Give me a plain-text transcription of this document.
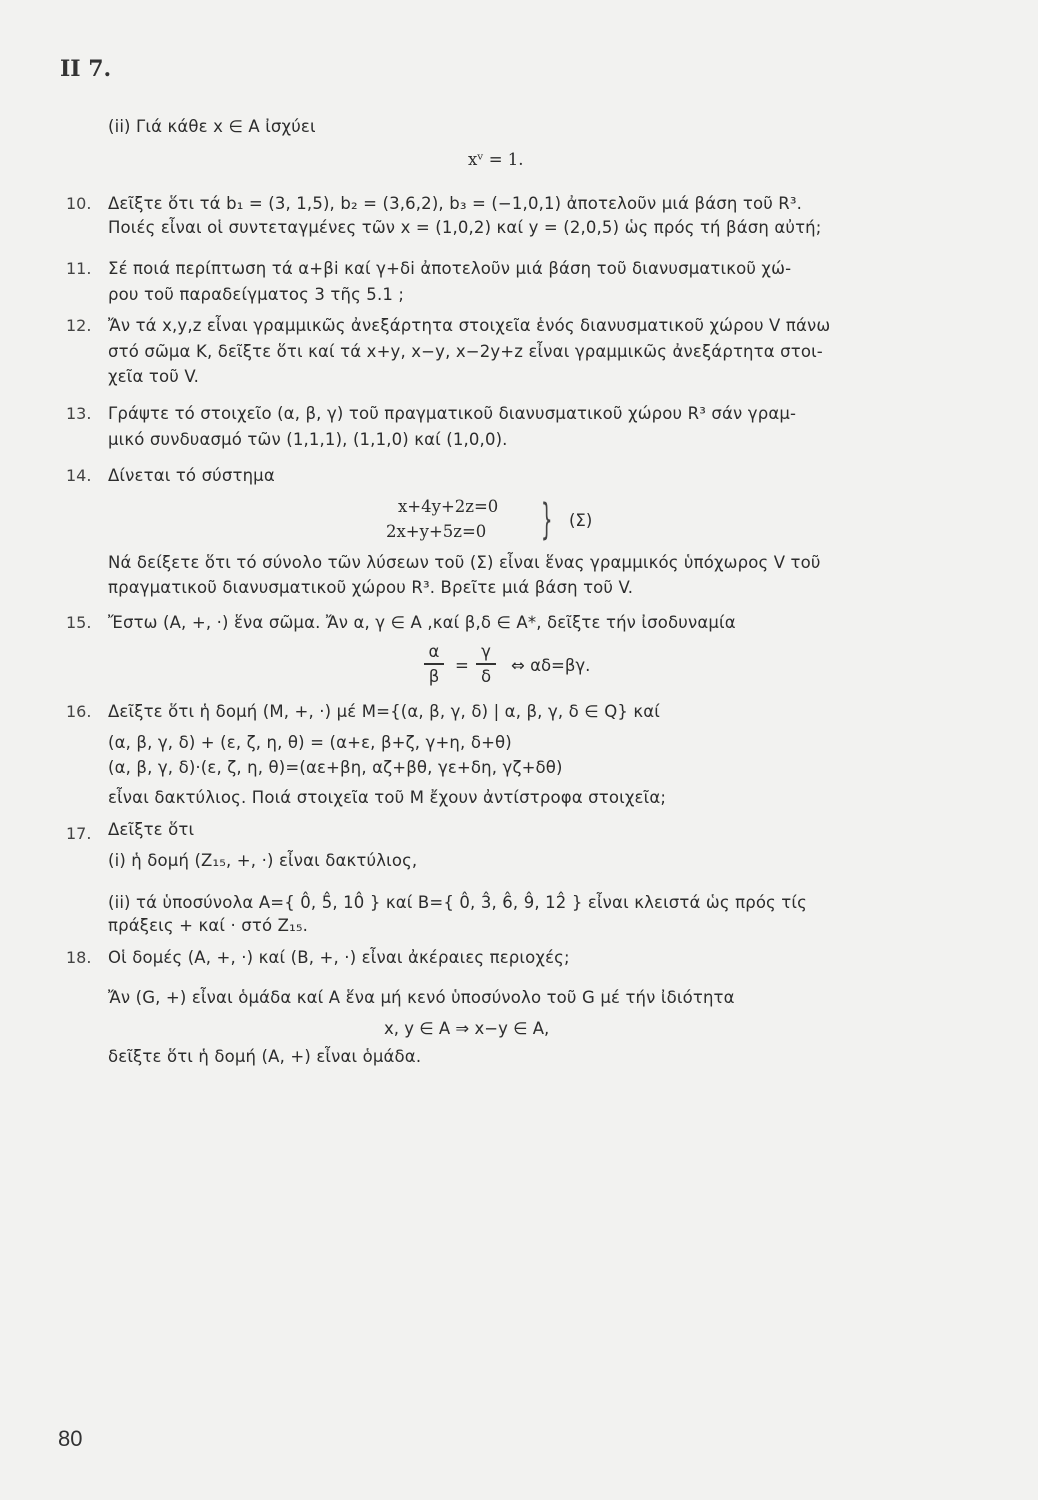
II 7.
(ii) Γιά κάθε x ∈ A ἰσχύει
xᵛ = 1.
10. Δεῖξτε ὅτι τά b₁ = (3, 1,5), b₂ = (3,6,2), b₃ = (−1,0,1) ἀποτελοῦν μιά βάση τοῦ R³.
Ποιές εἶναι οἱ συντεταγμένες τῶν x = (1,0,2) καί y = (2,0,5) ὡς πρός τή βάση αὐτή;
11. Σέ ποιά περίπτωση τά α+βi καί γ+δi ἀποτελοῦν μιά βάση τοῦ διανυσματικοῦ χώ-
ρου τοῦ παραδείγματος 3 τῆς 5.1 ;
12. Ἄν τά x,y,z εἶναι γραμμικῶς ἀνεξάρτητα στοιχεῖα ἑνός διανυσματικοῦ χώρου V πάνω
στό σῶμα K, δεῖξτε ὅτι καί τά x+y, x−y, x−2y+z εἶναι γραμμικῶς ἀνεξάρτητα στοι-
χεῖα τοῦ V.
13. Γράψτε τό στοιχεῖο (α, β, γ) τοῦ πραγματικοῦ διανυσματικοῦ χώρου R³ σάν γραμ-
μικό συνδυασμό τῶν (1,1,1), (1,1,0) καί (1,0,0).
14. Δίνεται τό σύστημα
x+4y+2z=0
2x+y+5z=0 } (Σ)
Νά δείξετε ὅτι τό σύνολο τῶν λύσεων τοῦ (Σ) εἶναι ἕνας γραμμικός ὑπόχωρος V τοῦ
πραγματικοῦ διανυσματικοῦ χώρου R³. Βρεῖτε μιά βάση τοῦ V.
15. Ἔστω (A, +, ·) ἕνα σῶμα. Ἄν α, γ ∈ A ,καί β,δ ∈ A*, δεῖξτε τήν ἰσοδυναμία
α
β
=
γ
δ
⇔ αδ=βγ.
16. Δεῖξτε ὅτι ἡ δομή (M, +, ·) μέ M={(α, β, γ, δ) | α, β, γ, δ ∈ Q} καί
(α, β, γ, δ) + (ε, ζ, η, θ) = (α+ε, β+ζ, γ+η, δ+θ)
(α, β, γ, δ)·(ε, ζ, η, θ)=(αε+βη, αζ+βθ, γε+δη, γζ+δθ)
εἶναι δακτύλιος. Ποιά στοιχεῖα τοῦ M ἔχουν ἀντίστροφα στοιχεῖα;
17. Δεῖξτε ὅτι
(i) ἡ δομή (Z₁₅, +, ·) εἶναι δακτύλιος,
(ii) τά ὑποσύνολα A={ 0̂, 5̂, 10̂ } καί B={ 0̂, 3̂, 6̂, 9̂, 12̂ } εἶναι κλειστά ὡς πρός τίς
πράξεις + καί · στό Z₁₅.
18. Οἱ δομές (A, +, ·) καί (B, +, ·) εἶναι ἀκέραιες περιοχές;
Ἄν (G, +) εἶναι ὁμάδα καί A ἕνα μή κενό ὑποσύνολο τοῦ G μέ τήν ἰδιότητα
x, y ∈ A ⇒ x−y ∈ A,
δεῖξτε ὅτι ἡ δομή (A, +) εἶναι ὁμάδα.
80
